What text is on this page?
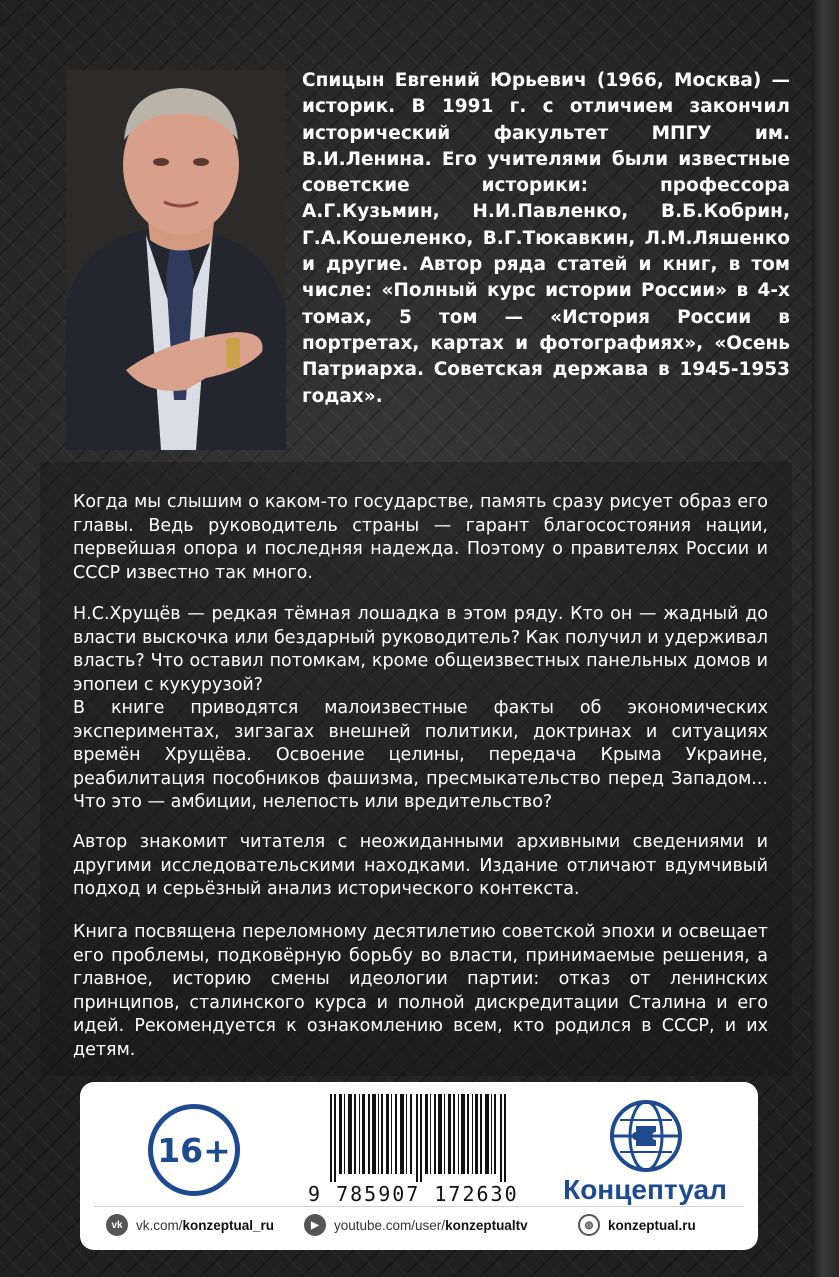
Спицын Евгений Юрьевич (1966, Москва) — историк. В 1991 г. с отличием закончил исторический факультет МПГУ им. В.И.Ленина. Его учителями были известные советские историки: профессора А.Г.Кузьмин, Н.И.Павленко, В.Б.Кобрин, Г.А.Кошеленко, В.Г.Тюкавкин, Л.М.Ляшенко и другие. Автор ряда статей и книг, в том числе: «Полный курс истории России» в 4-х томах, 5 том — «История России в портретах, картах и фотографиях», «Осень Патриарха. Советская держава в 1945-1953 годах».

Когда мы слышим о каком-то государстве, память сразу рисует образ его главы. Ведь руководитель страны — гарант благосостояния нации, первейшая опора и последняя надежда. Поэтому о правителях России и СССР известно так много.

Н.С.Хрущёв — редкая тёмная лошадка в этом ряду. Кто он — жадный до власти выскочка или бездарный руководитель? Как получил и удерживал власть? Что оставил потомкам, кроме общеизвестных панельных домов и эпопеи с кукурузой?
В книге приводятся малоизвестные факты об экономических экспериментах, зигзагах внешней политики, доктринах и ситуациях времён Хрущёва. Освоение целины, передача Крыма Украине, реабилитация пособников фашизма, пресмыкательство перед Западом... Что это — амбиции, нелепость или вредительство?

Автор знакомит читателя с неожиданными архивными сведениями и другими исследовательскими находками. Издание отличают вдумчивый подход и серьёзный анализ исторического контекста.

Книга посвящена переломному десятилетию советской эпохи и освещает его проблемы, подковёрную борьбу во власти, принимаемые решения, а главное, историю смены идеологии партии: отказ от ленинских принципов, сталинского курса и полной дискредитации Сталина и его идей. Рекомендуется к ознакомлению всем, кто родился в СССР, и их детям.

16+
9 785907 172630	Концептуал
vk vk.com/konzeptual_ru	▶	youtube.com/user/konzeptualtv	◍	konzeptual.ru
